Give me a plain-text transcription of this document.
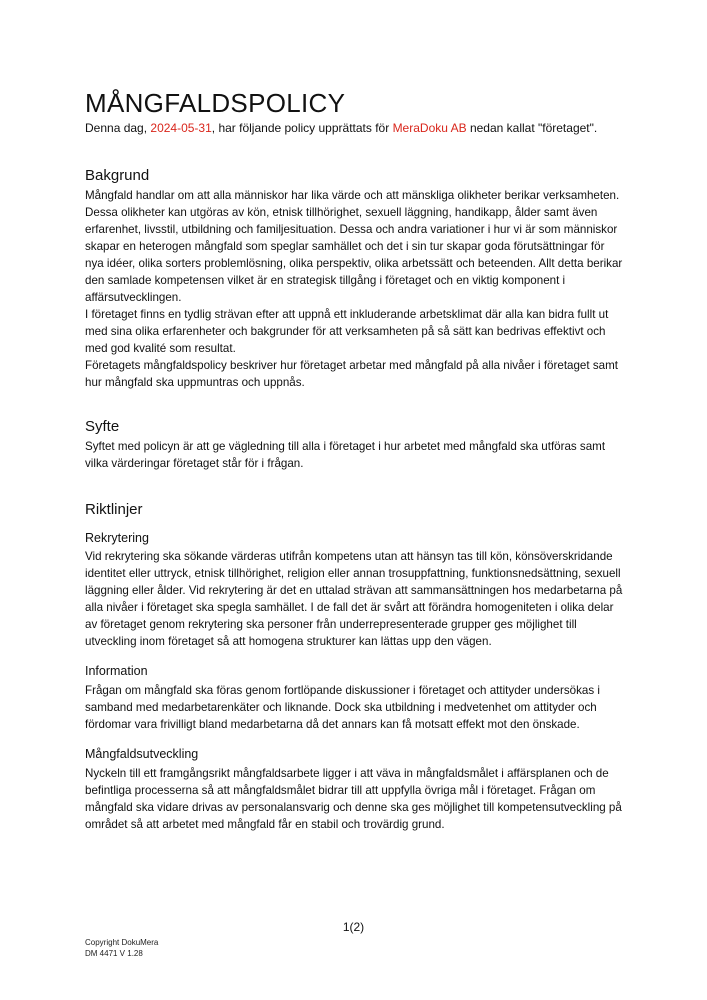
MÅNGFALDSPOLICY

Denna dag, 2024-05-31, har följande policy upprättats för MeraDoku AB nedan kallat "företaget".

Bakgrund

Mångfald handlar om att alla människor har lika värde och att mänskliga olikheter berikar verksamheten. Dessa olikheter kan utgöras av kön, etnisk tillhörighet, sexuell läggning, handikapp, ålder samt även erfarenhet, livsstil, utbildning och familjesituation. Dessa och andra variationer i hur vi är som människor skapar en heterogen mångfald som speglar samhället och det i sin tur skapar goda förutsättningar för nya idéer, olika sorters problemlösning, olika perspektiv, olika arbetssätt och beteenden. Allt detta berikar den samlade kompetensen vilket är en strategisk tillgång i företaget och en viktig komponent i affärsutvecklingen.

I företaget finns en tydlig strävan efter att uppnå ett inkluderande arbetsklimat där alla kan bidra fullt ut med sina olika erfarenheter och bakgrunder för att verksamheten på så sätt kan bedrivas effektivt och med god kvalité som resultat.

Företagets mångfaldspolicy beskriver hur företaget arbetar med mångfald på alla nivåer i företaget samt hur mångfald ska uppmuntras och uppnås.

Syfte

Syftet med policyn är att ge vägledning till alla i företaget i hur arbetet med mångfald ska utföras samt vilka värderingar företaget står för i frågan.

Riktlinjer
Rekrytering

Vid rekrytering ska sökande värderas utifrån kompetens utan att hänsyn tas till kön, könsöverskridande identitet eller uttryck, etnisk tillhörighet, religion eller annan trosuppfattning, funktionsnedsättning, sexuell läggning eller ålder. Vid rekrytering är det en uttalad strävan att sammansättningen hos medarbetarna på alla nivåer i företaget ska spegla samhället. I de fall det är svårt att förändra homogeniteten i olika delar av företaget genom rekrytering ska personer från underrepresenterade grupper ges möjlighet till utveckling inom företaget så att homogena strukturer kan lättas upp den vägen.

Information

Frågan om mångfald ska föras genom fortlöpande diskussioner i företaget och attityder undersökas i samband med medarbetarenkäter och liknande. Dock ska utbildning i medvetenhet om attityder och fördomar vara frivilligt bland medarbetarna då det annars kan få motsatt effekt mot den önskade.

Mångfaldsutveckling

Nyckeln till ett framgångsrikt mångfaldsarbete ligger i att väva in mångfaldsmålet i affärsplanen och de befintliga processerna så att mångfaldsmålet bidrar till att uppfylla övriga mål i företaget. Frågan om mångfald ska vidare drivas av personalansvarig och denne ska ges möjlighet till kompetensutveckling på området så att arbetet med mångfald får en stabil och trovärdig grund.

1(2)
Copyright DokuMera
DM 4471 V 1.28
